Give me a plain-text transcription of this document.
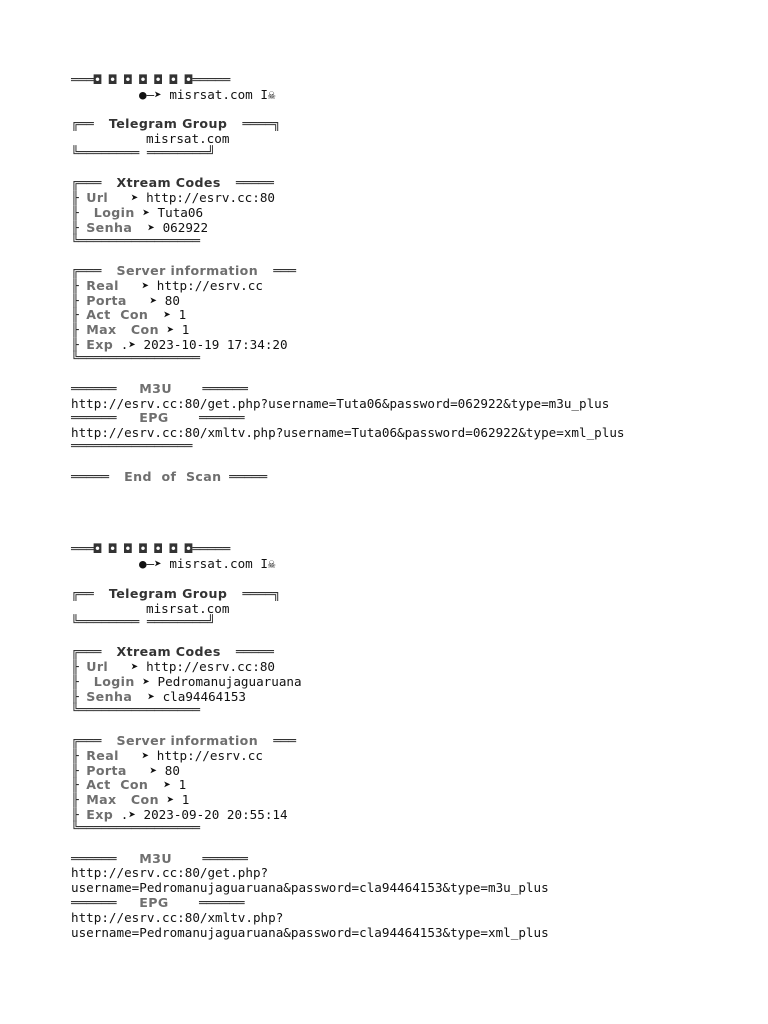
═══◘ ◘ ◘ ◘ ◘ ◘ ◘═════

●—➤ misrsat.com I☠

╔══ Telegram Group ════╗

misrsat.com

╚════════ ════════╝

╔═══ Xtream Codes ═════

╟ Url ➤ http://esrv.cc:80

╟ Login ➤ Tuta06

╟ Senha ➤ 062922

╚════════════════

╔═══ Server information ═══

╟ Real ➤ http://esrv.cc

╟ Porta ➤ 80

╟ Act  Con ➤ 1

╟ Max   Con ➤ 1

╟ Exp .➤ 2023-10-19 17:34:20

╚════════════════

══════ M3U ══════

http://esrv.cc:80/get.php?username=Tuta06&password=062922&type=m3u_plus

══════ EPG ══════

http://esrv.cc:80/xmltv.php?username=Tuta06&password=062922&type=xml_plus

════════════════

═════ End  of  Scan ═════

═══◘ ◘ ◘ ◘ ◘ ◘ ◘═════

●—➤ misrsat.com I☠

╔══ Telegram Group ════╗

misrsat.com

╚════════ ════════╝

╔═══ Xtream Codes ═════

╟ Url ➤ http://esrv.cc:80

╟ Login ➤ Pedromanujaguaruana

╟ Senha ➤ cla94464153

╚════════════════

╔═══ Server information ═══

╟ Real ➤ http://esrv.cc

╟ Porta ➤ 80

╟ Act  Con ➤ 1

╟ Max   Con ➤ 1

╟ Exp .➤ 2023-09-20 20:55:14

╚════════════════

══════ M3U ══════

http://esrv.cc:80/get.php?

username=Pedromanujaguaruana&password=cla94464153&type=m3u_plus

══════ EPG ══════

http://esrv.cc:80/xmltv.php?

username=Pedromanujaguaruana&password=cla94464153&type=xml_plus
